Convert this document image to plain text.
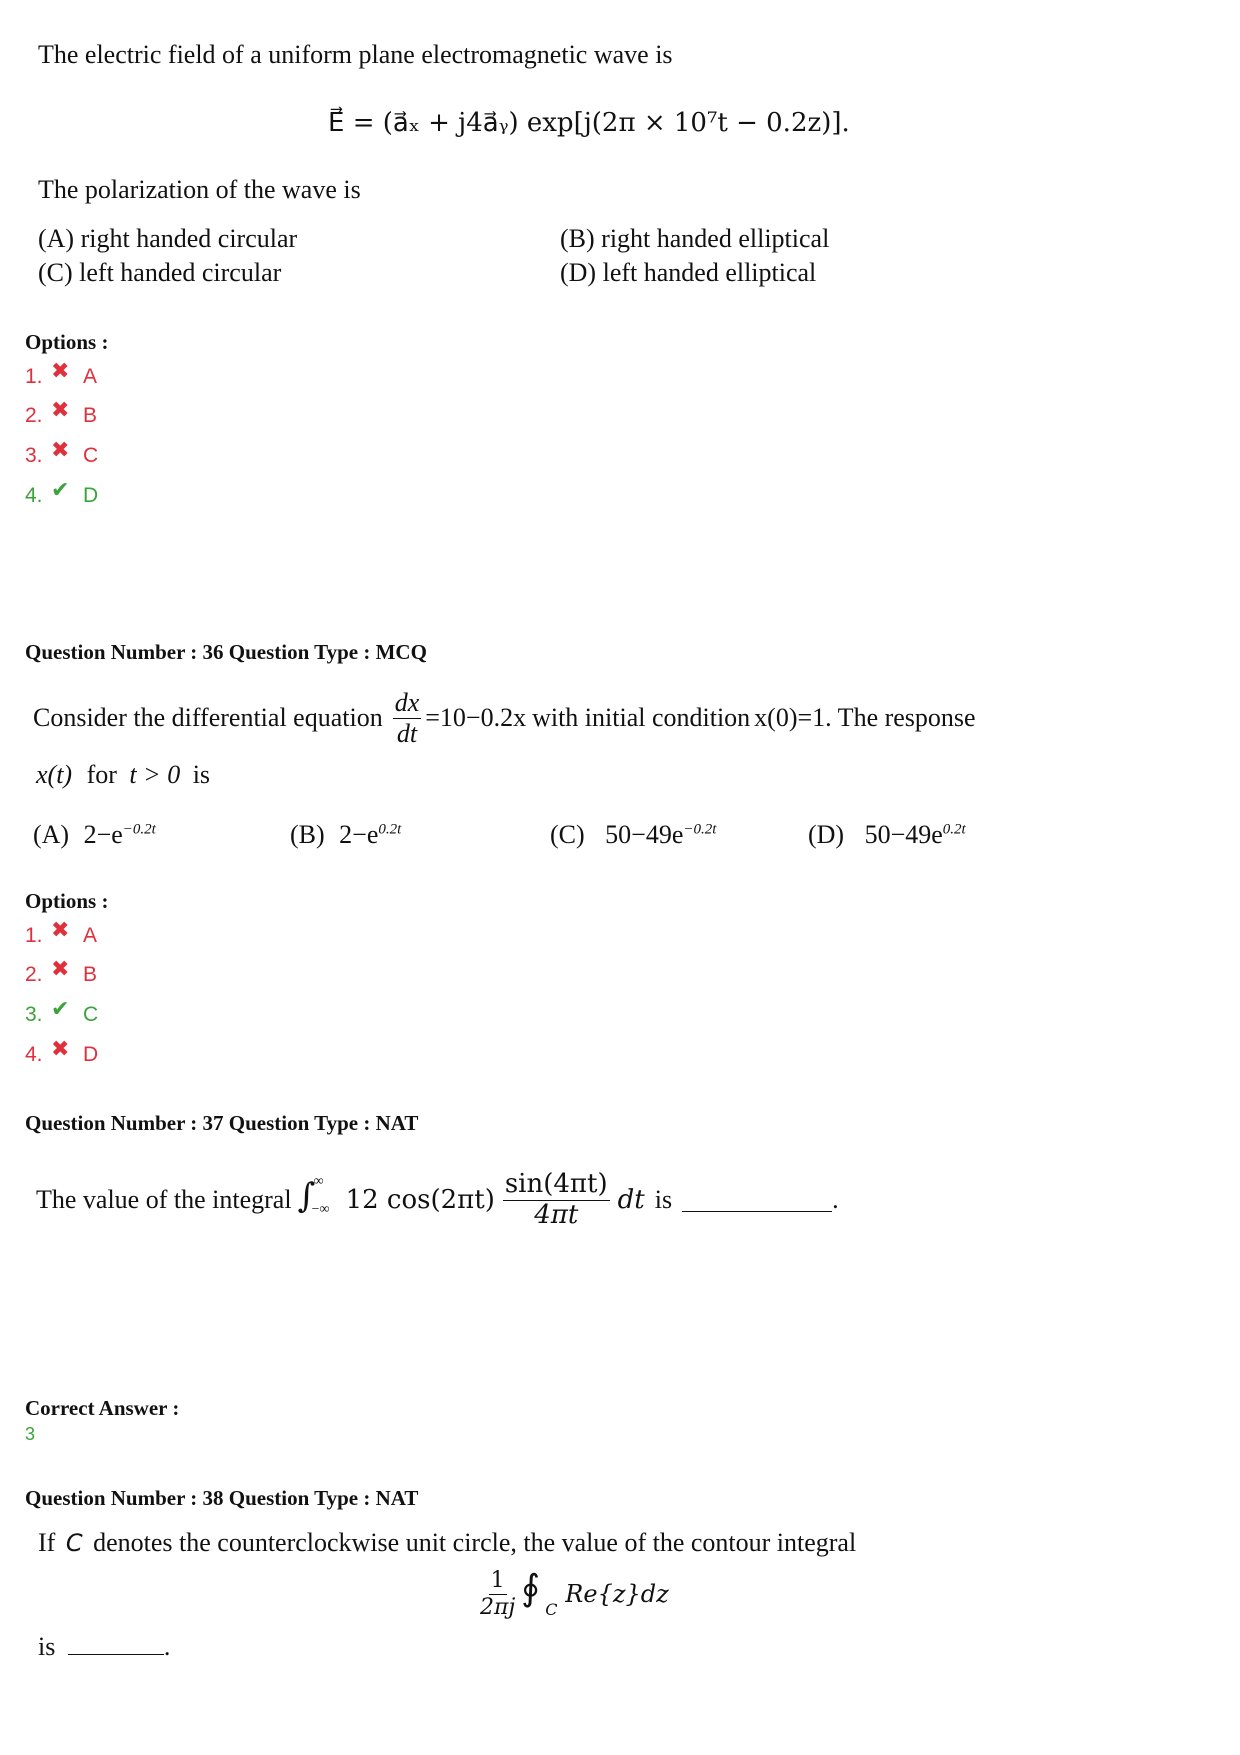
The electric field of a uniform plane electromagnetic wave is
E⃗ = (a⃗ₓ + j4a⃗ᵧ) exp[j(2π × 10⁷t − 0.2z)].
The polarization of the wave is
(A) right handed circular	(B) right handed elliptical
(C) left handed circular	(D) left handed elliptical
Options :
1. ✖ A
2. ✖ B
3. ✖ C
4. ✔ D
Question Number : 36 Question Type : MCQ
Consider the differential equation $\frac{dx}{dt} =10-0.2x$ with initial condition x(0)=1 . The response
x(t) for t > 0 is
(A) $2-e^{-0.2t}$	(B) $2-e^{0.2t}$	(C) $50-49e^{-0.2t}$	(D) $50-49e^{0.2t}$
Options :
1. ✖ A
2. ✖ B
3. ✔ C
4. ✖ D
Question Number : 37 Question Type : NAT
The value of the integral ∫
∞
−∞ 12 $\cos(2\pi t) \frac{\sin(4\pi t)}{4\pi t}$ dt is	.
Correct Answer :
3
Question Number : 38 Question Type : NAT
If C denotes the counterclockwise unit circle, the value of the contour integral
$\frac{1}{2\pi j}$ ∮
C
Re{z}dz
is	.
